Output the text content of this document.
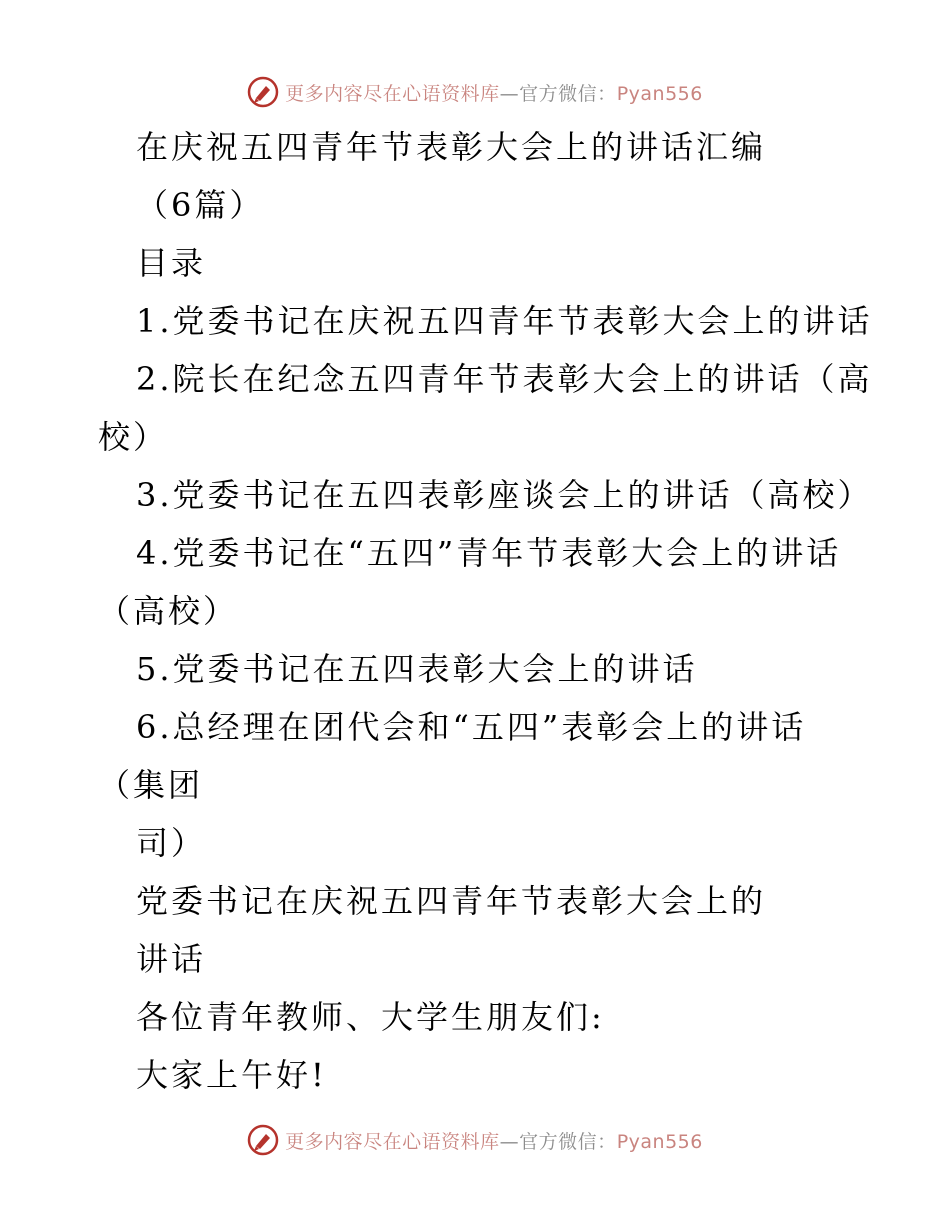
更多内容尽在心语资料库—官方微信：Pyan556

在庆祝五四青年节表彰大会上的讲话汇编

（6篇）

目录

1.党委书记在庆祝五四青年节表彰大会上的讲话

2.院长在纪念五四青年节表彰大会上的讲话（高

校）

3.党委书记在五四表彰座谈会上的讲话（高校）

4.党委书记在“五四”青年节表彰大会上的讲话

（高校）

5.党委书记在五四表彰大会上的讲话

6.总经理在团代会和“五四”表彰会上的讲话

（集团

司）

党委书记在庆祝五四青年节表彰大会上的

讲话

各位青年教师、大学生朋友们:

大家上午好!

更多内容尽在心语资料库—官方微信：Pyan556
